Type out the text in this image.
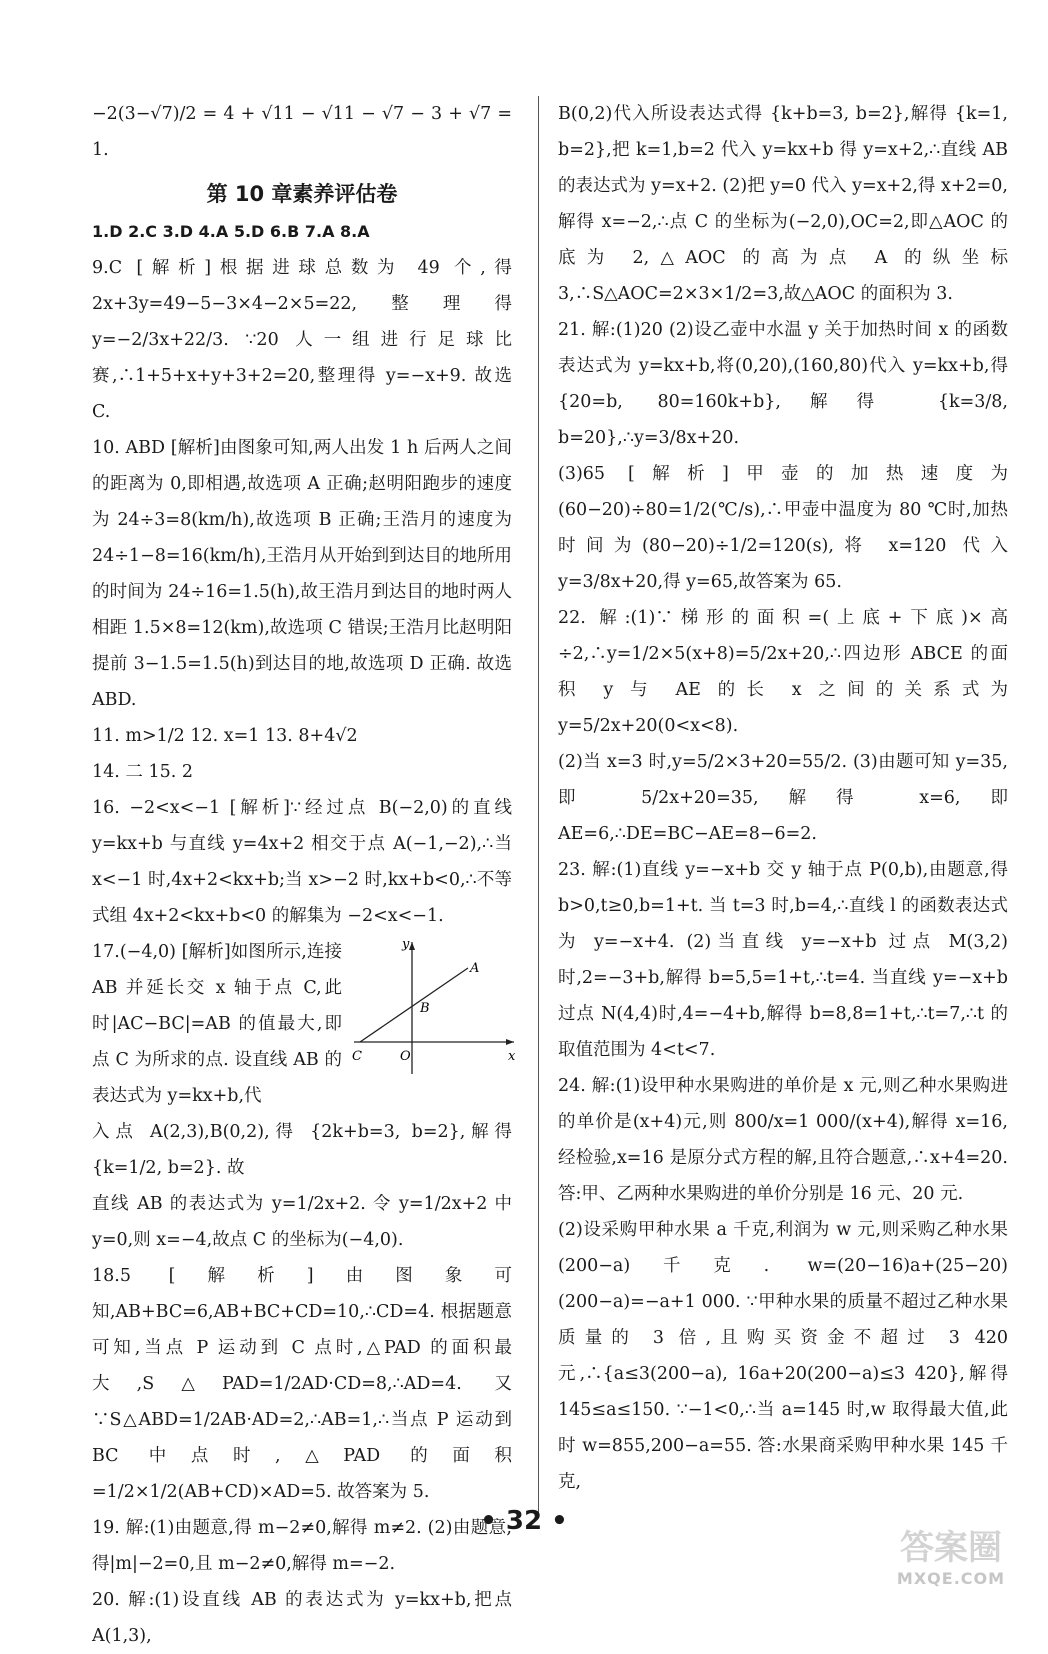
−2(3−√7)/2 = 4 + √11 − √11 − √7 − 3 + √7 = 1.

第 10 章素养评估卷

1.D 2.C 3.D 4.A 5.D 6.B 7.A 8.A

9.C [解析]根据进球总数为 49 个,得 2x+3y=49−5−3×4−2×5=22,整理得 y=−2/3x+22/3. ∵20 人一组进行足球比赛,∴1+5+x+y+3+2=20,整理得 y=−x+9. 故选 C.

10. ABD [解析]由图象可知,两人出发 1 h 后两人之间的距离为 0,即相遇,故选项 A 正确;赵明阳跑步的速度为 24÷3=8(km/h),故选项 B 正确;王浩月的速度为 24÷1−8=16(km/h),王浩月从开始到到达目的地所用的时间为 24÷16=1.5(h),故王浩月到达目的地时两人相距 1.5×8=12(km),故选项 C 错误;王浩月比赵明阳提前 3−1.5=1.5(h)到达目的地,故选项 D 正确. 故选 ABD.

11. m>1/2 12. x=1 13. 8+4√2

14. 二 15. 2

16. −2<x<−1 [解析]∵经过点 B(−2,0)的直线 y=kx+b 与直线 y=4x+2 相交于点 A(−1,−2),∴当 x<−1 时,4x+2<kx+b;当 x>−2 时,kx+b<0,∴不等式组 4x+2<kx+b<0 的解集为 −2<x<−1.

y
x
A
B
C	O

17.(−4,0) [解析]如图所示,连接 AB 并延长交 x 轴于点 C,此时|AC−BC|=AB 的值最大,即点 C 为所求的点. 设直线 AB 的表达式为 y=kx+b,代

入点 A(2,3),B(0,2),得 {2k+b=3, b=2},解得 {k=1/2, b=2}. 故

直线 AB 的表达式为 y=1/2x+2. 令 y=1/2x+2 中 y=0,则 x=−4,故点 C 的坐标为(−4,0).

18.5 [解析]由图象可知,AB+BC=6,AB+BC+CD=10,∴CD=4. 根据题意可知,当点 P 运动到 C 点时,△PAD 的面积最大,S△PAD=1/2AD·CD=8,∴AD=4. 又∵S△ABD=1/2AB·AD=2,∴AB=1,∴当点 P 运动到 BC 中点时,△PAD 的面积=1/2×1/2(AB+CD)×AD=5. 故答案为 5.

19. 解:(1)由题意,得 m−2≠0,解得 m≠2. (2)由题意,得|m|−2=0,且 m−2≠0,解得 m=−2.

20. 解:(1)设直线 AB 的表达式为 y=kx+b,把点 A(1,3),

B(0,2)代入所设表达式得 {k+b=3, b=2},解得 {k=1, b=2},把 k=1,b=2 代入 y=kx+b 得 y=x+2,∴直线 AB 的表达式为 y=x+2. (2)把 y=0 代入 y=x+2,得 x+2=0,解得 x=−2,∴点 C 的坐标为(−2,0),OC=2,即△AOC 的底为 2,△AOC 的高为点 A 的纵坐标 3,∴S△AOC=2×3×1/2=3,故△AOC 的面积为 3.

21. 解:(1)20 (2)设乙壶中水温 y 关于加热时间 x 的函数表达式为 y=kx+b,将(0,20),(160,80)代入 y=kx+b,得 {20=b, 80=160k+b},解得 {k=3/8, b=20},∴y=3/8x+20.

(3)65 [解析]甲壶的加热速度为(60−20)÷80=1/2(℃/s),∴甲壶中温度为 80 ℃时,加热时间为(80−20)÷1/2=120(s),将 x=120 代入 y=3/8x+20,得 y=65,故答案为 65.

22. 解:(1)∵梯形的面积=(上底+下底)×高÷2,∴y=1/2×5(x+8)=5/2x+20,∴四边形 ABCE 的面积 y 与 AE 的长 x 之间的关系式为 y=5/2x+20(0<x<8).

(2)当 x=3 时,y=5/2×3+20=55/2. (3)由题可知 y=35,即 5/2x+20=35,解得 x=6,即 AE=6,∴DE=BC−AE=8−6=2.

23. 解:(1)直线 y=−x+b 交 y 轴于点 P(0,b),由题意,得 b>0,t≥0,b=1+t. 当 t=3 时,b=4,∴直线 l 的函数表达式为 y=−x+4. (2)当直线 y=−x+b 过点 M(3,2)时,2=−3+b,解得 b=5,5=1+t,∴t=4. 当直线 y=−x+b 过点 N(4,4)时,4=−4+b,解得 b=8,8=1+t,∴t=7,∴t 的取值范围为 4<t<7.

24. 解:(1)设甲种水果购进的单价是 x 元,则乙种水果购进的单价是(x+4)元,则 800/x=1 000/(x+4),解得 x=16,经检验,x=16 是原分式方程的解,且符合题意,∴x+4=20. 答:甲、乙两种水果购进的单价分别是 16 元、20 元.

(2)设采购甲种水果 a 千克,利润为 w 元,则采购乙种水果(200−a)千克. w=(20−16)a+(25−20)(200−a)=−a+1 000. ∵甲种水果的质量不超过乙种水果质量的 3 倍,且购买资金不超过 3 420 元,∴{a≤3(200−a), 16a+20(200−a)≤3 420},解得 145≤a≤150. ∵−1<0,∴当 a=145 时,w 取得最大值,此时 w=855,200−a=55. 答:水果商采购甲种水果 145 千克,

• 32 •
答案圈
MXQE.COM
